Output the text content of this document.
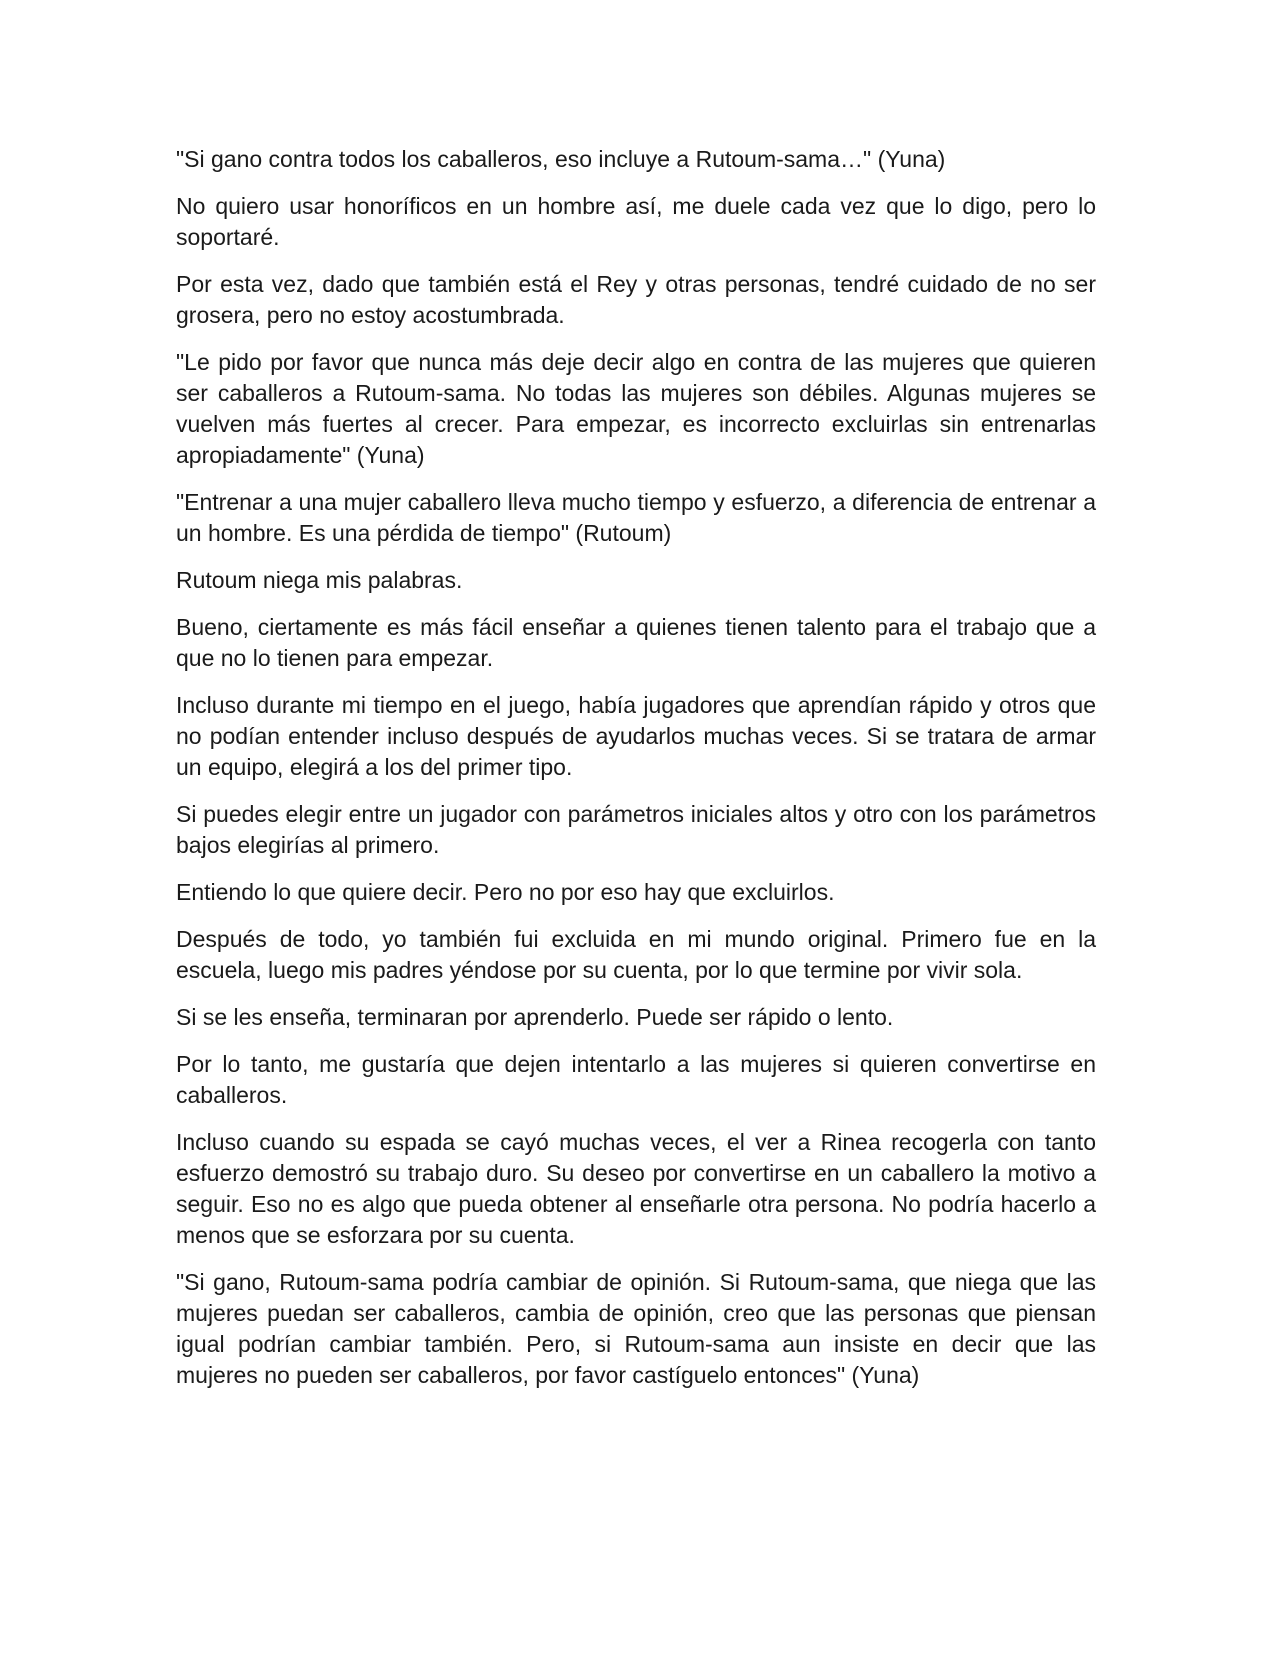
"Si gano contra todos los caballeros, eso incluye a Rutoum-sama…" (Yuna)

No quiero usar honoríficos en un hombre así, me duele cada vez que lo digo, pero lo soportaré.

Por esta vez, dado que también está el Rey y otras personas, tendré cuidado de no ser grosera, pero no estoy acostumbrada.

"Le pido por favor que nunca más deje decir algo en contra de las mujeres que quieren ser caballeros a Rutoum-sama. No todas las mujeres son débiles. Algunas mujeres se vuelven más fuertes al crecer. Para empezar, es incorrecto excluirlas sin entrenarlas apropiadamente" (Yuna)

"Entrenar a una mujer caballero lleva mucho tiempo y esfuerzo, a diferencia de entrenar a un hombre. Es una pérdida de tiempo" (Rutoum)

Rutoum niega mis palabras.

Bueno, ciertamente es más fácil enseñar a quienes tienen talento para el trabajo que a que no lo tienen para empezar.

Incluso durante mi tiempo en el juego, había jugadores que aprendían rápido y otros que no podían entender incluso después de ayudarlos muchas veces. Si se tratara de armar un equipo, elegirá a los del primer tipo.

Si puedes elegir entre un jugador con parámetros iniciales altos y otro con los parámetros bajos elegirías al primero.

Entiendo lo que quiere decir. Pero no por eso hay que excluirlos.

Después de todo, yo también fui excluida en mi mundo original. Primero fue en la escuela, luego mis padres yéndose por su cuenta, por lo que termine por vivir sola.

Si se les enseña, terminaran por aprenderlo. Puede ser rápido o lento.

Por lo tanto, me gustaría que dejen intentarlo a las mujeres si quieren convertirse en caballeros.

Incluso cuando su espada se cayó muchas veces, el ver a Rinea recogerla con tanto esfuerzo demostró su trabajo duro. Su deseo por convertirse en un caballero la motivo a seguir. Eso no es algo que pueda obtener al enseñarle otra persona. No podría hacerlo a menos que se esforzara por su cuenta.

"Si gano, Rutoum-sama podría cambiar de opinión. Si Rutoum-sama, que niega que las mujeres puedan ser caballeros, cambia de opinión, creo que las personas que piensan igual podrían cambiar también. Pero, si Rutoum-sama aun insiste en decir que las mujeres no pueden ser caballeros, por favor castíguelo entonces" (Yuna)
